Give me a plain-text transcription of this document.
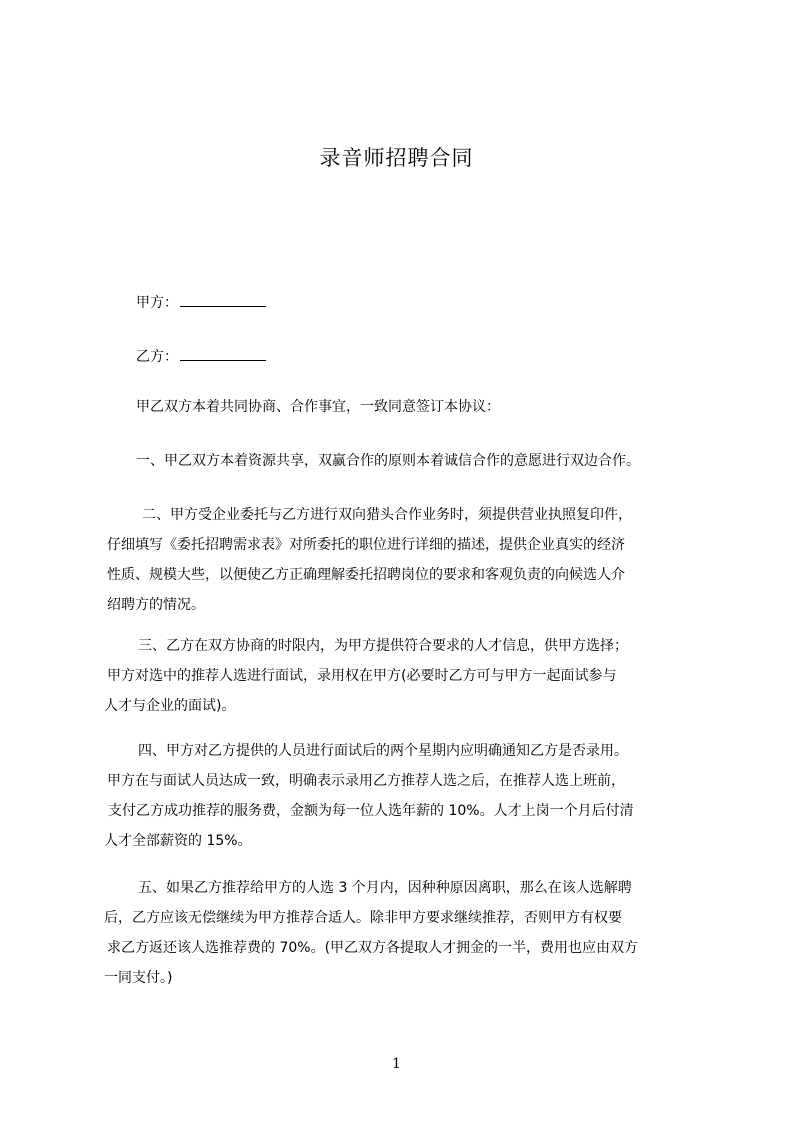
录音师招聘合同
甲方：
乙方：
甲乙双方本着共同协商、合作事宜，一致同意签订本协议：
一、甲乙双方本着资源共享，双赢合作的原则本着诚信合作的意愿进行双边合作。
二、甲方受企业委托与乙方进行双向猎头合作业务时，须提供营业执照复印件，
仔细填写《委托招聘需求表》对所委托的职位进行详细的描述，提供企业真实的经济
性质、规模大些，以便使乙方正确理解委托招聘岗位的要求和客观负责的向候选人介
绍聘方的情况。
三、乙方在双方协商的时限内，为甲方提供符合要求的人才信息，供甲方选择；
甲方对选中的推荐人选进行面试，录用权在甲方(必要时乙方可与甲方一起面试参与
人才与企业的面试)。
四、甲方对乙方提供的人员进行面试后的两个星期内应明确通知乙方是否录用。
甲方在与面试人员达成一致，明确表示录用乙方推荐人选之后，在推荐人选上班前，
支付乙方成功推荐的服务费，金额为每一位人选年薪的 10%。人才上岗一个月后付清
人才全部薪资的 15%。
五、如果乙方推荐给甲方的人选 3 个月内，因种种原因离职，那么在该人选解聘
后，乙方应该无偿继续为甲方推荐合适人。除非甲方要求继续推荐，否则甲方有权要
求乙方返还该人选推荐费的 70%。(甲乙双方各提取人才拥金的一半，费用也应由双方
一同支付。)
1
